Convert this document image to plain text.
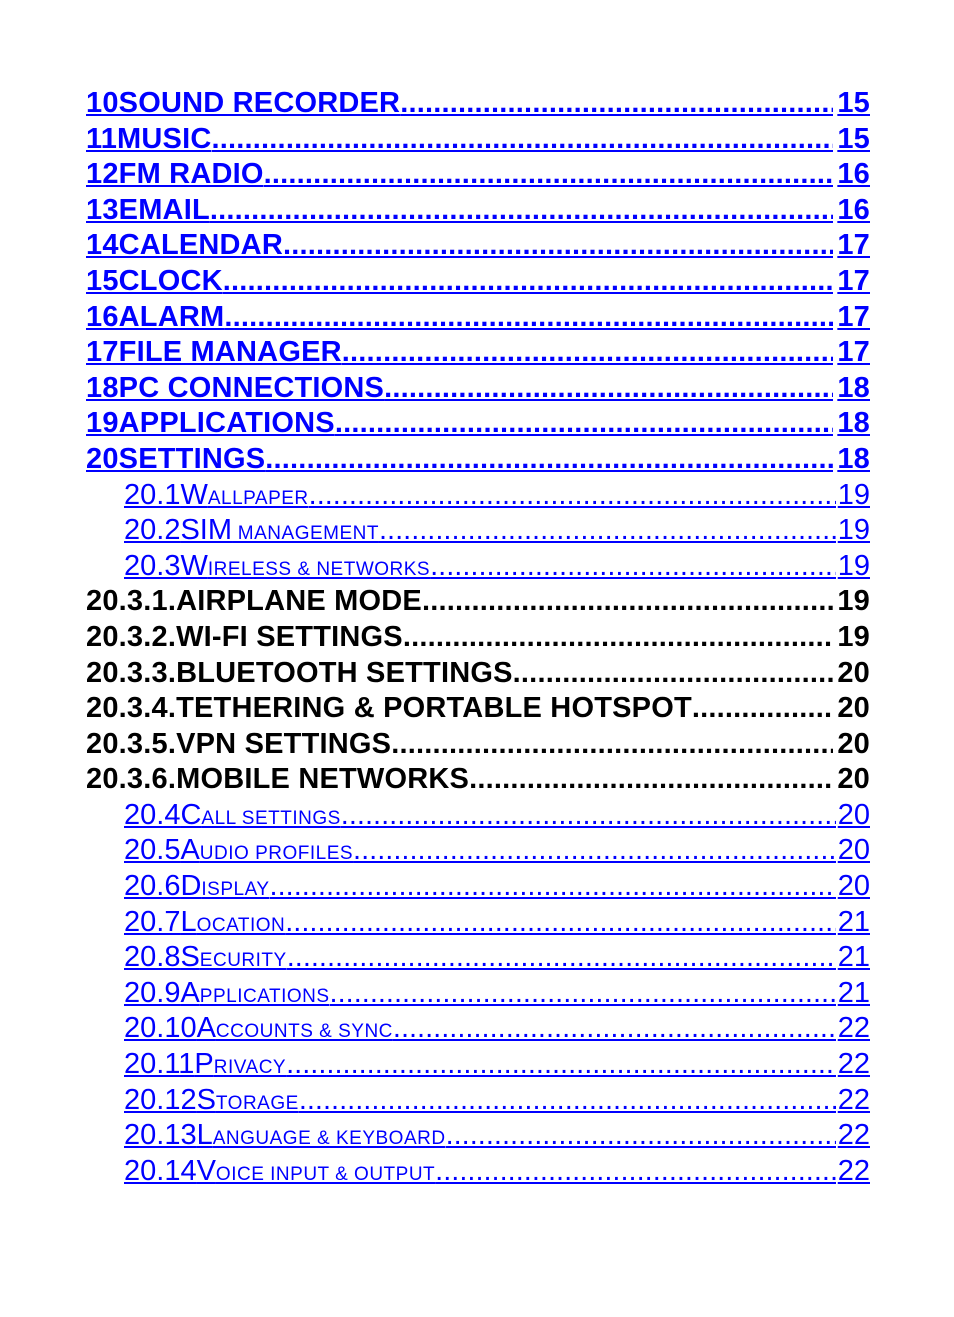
10SOUND RECORDER .....	15
11MUSIC .....	15
12FM RADIO .....	16
13EMAIL .....	16
14CALENDAR .....	17
15CLOCK .....	17
16ALARM .....	17
17FILE MANAGER .....	17
18PC CONNECTIONS .....	18
19APPLICATIONS .....	18
20SETTINGS .....	18
20.1WALLPAPER .....	19
20.2SIM MANAGEMENT .....	19
20.3WIRELESS & NETWORKS .....	19
20.3.1.AIRPLANE MODE .....	19
20.3.2.WI-FI SETTINGS .....	19
20.3.3.BLUETOOTH SETTINGS .....	20
20.3.4.TETHERING & PORTABLE HOTSPOT .....	20
20.3.5.VPN SETTINGS .....	20
20.3.6.MOBILE NETWORKS .....	20
20.4CALL SETTINGS .....	20
20.5AUDIO PROFILES .....	20
20.6DISPLAY .....	20
20.7LOCATION .....	21
20.8SECURITY .....	21
20.9APPLICATIONS .....	21
20.10ACCOUNTS & SYNC .....	22
20.11PRIVACY .....	22
20.12STORAGE .....	22
20.13LANGUAGE & KEYBOARD .....	22
20.14VOICE INPUT & OUTPUT .....	22
